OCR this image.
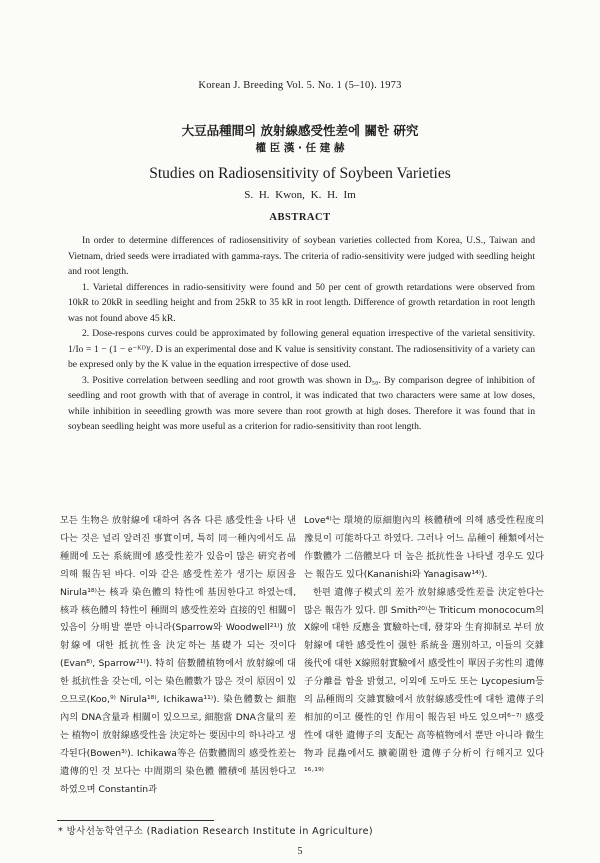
Korean J. Breeding Vol. 5. No. 1 (5–10). 1973
大豆品種間의 放射線感受性差에 關한 硏究
權 臣 漢 · 任 建 赫
Studies on Radiosensitivity of Soybeen Varieties
S. H. Kwon, K. H. Im
ABSTRACT

In order to determine differences of radiosensitivity of soybean varieties collected from Korea, U.S., Taiwan and Vietnam, dried seeds were irradiated with gamma-rays. The criteria of radio-sensitivity were judged with seedling height and root length.

1. Varietal differences in radio-sensitivity were found and 50 per cent of growth retardations were observed from 10kR to 20kR in seedling height and from 25kR to 35 kR in root length. Difference of growth retardation in root length was not found above 45 kR.

2. Dose-respons curves could be approximated by following general equation irrespective of the varietal sensitivity. 1/Io = 1 − (1 − e⁻ᴷᴰ)ᵗ. D is an experimental dose and K value is sensitivity constant. The radiosensitivity of a variety can be expresed only by the K value in the equation irrespective of dose used.

3. Positive correlation between seedling and root growth was shown in D₅₀. By comparison degree of inhibition of seedling and root growth with that of average in control, it was indicated that two characters were same at low doses, while inhibition in seeedling growth was more severe than root growth at high doses. Therefore it was found that in soybean seedling height was more useful as a criterion for radio-sensitivity than root length.

모든 生物은 放射線에 대하여 各各 다른 感受性을 나타 낸다는 것은 널리 알려진 事實이며, 특히 同一種內에서도 品種間에 도는 系統間에 感受性差가 있음이 많은 硏究者에 의해 報告된 바다. 이와 같은 感受性差가 생기는 原因을 Nirula¹⁸⁾는 核과 染色體의 特性에 基因한다고 하였는데, 核과 核色體의 特性이 種間의 感受性差와 直接的인 相關이 있음이 分明발 뿐만 아니라(Sparrow와 Woodwell²¹⁾) 放射線에 대한 抵抗性을 決定하는 基礎가 되는 것이다(Evan⁸⁾, Sparrow²¹⁾). 特히 倍數體植物에서 放射線에 대한 抵抗性을 갖는데, 이는 染色體數가 많은 것이 原因이 있으므로(Koo,⁹⁾ Nirula¹⁸⁾, Ichikawa¹¹⁾). 染色體數는 細胞內의 DNA含量과 相關이 있으므로, 細胞當 DNA含量의 差는 植物이 放射線感受性을 決定하는 要因中의 하나라고 생각된다(Bowen³⁾). Ichikawa等은 倍數體間의 感受性差는 遺傳的인 것 보다는 中間期의 染色體 體積에 基因한다고 하였으며 Constantin과

Love⁴⁾는 環境的原細胞內의 核體積에 의해 感受性程度의 豫見이 可能하다고 하였다. 그러나 어느 品種이 種類에서는 作數體가 二倍體보다 더 높은 抵抗性을 나타낼 경우도 있다는 報告도 있다(Kananishi와 Yanagisaw¹⁴⁾).

한편 遺傳子模式의 差가 放射線感受性差를 決定한다는 많은 報告가 있다. 卽 Smith²⁰⁾는 Triticum monococum의 X線에 대한 反應을 實驗하는데, 發芽와 生育抑制로 부터 放射線에 대한 感受性이 强한 系統을 選別하고, 이들의 交雜後代에 대한 X線照射實驗에서 感受性이 單因子劣性의 遺傳子分離를 함을 밝혔고, 이외에 도마도 또는 Lycopesium등의 品種間의 交雜實驗에서 放射線感受性에 대한 遺傳子의 相加的이고 優性的인 作用이 報告된 바도 있으며⁶⁻⁷⁾ 感受性에 대한 遺傳子의 支配는 高等植物에서 뿐만 아니라 微生物과 昆蟲에서도 擴範圍한 遺傳子分析이 行해지고 있다¹⁶·¹⁹⁾

* 방사선농학연구소 (Radiation Research Institute in Agriculture)
5
